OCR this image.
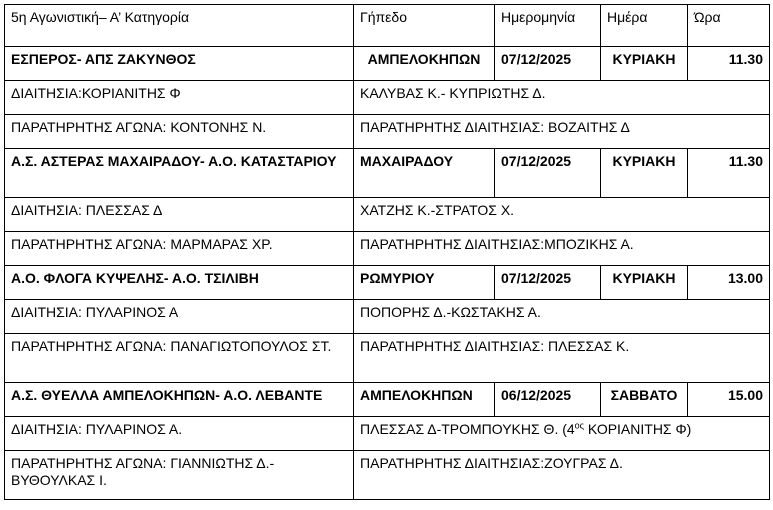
5η Αγωνιστική– Α’ Κατηγορία	Γήπεδο	Ημερομηνία	Ημέρα	Ώρα
ΕΣΠΕΡΟΣ- ΑΠΣ ΖΑΚΥΝΘΟΣ	ΑΜΠΕΛΟΚΗΠΩΝ	07/12/2025	ΚΥΡΙΑΚΗ	11.30
ΔΙΑΙΤΗΣΙΑ:ΚΟΡΙΑΝΙΤΗΣ Φ	ΚΑΛΥΒΑΣ Κ.- ΚΥΠΡΙΩΤΗΣ Δ.			
ΠΑΡΑΤΗΡΗΤΗΣ ΑΓΩΝΑ: ΚΟΝΤΟΝΗΣ Ν.	ΠΑΡΑΤΗΡΗΤΗΣ ΔΙΑΙΤΗΣΙΑΣ: ΒΟΖΑΙΤΗΣ Δ			
Α.Σ. ΑΣΤΕΡΑΣ ΜΑΧΑΙΡΑΔΟΥ- Α.Ο. ΚΑΤΑΣΤΑΡΙΟΥ	ΜΑΧΑΙΡΑΔΟΥ	07/12/2025	ΚΥΡΙΑΚΗ	11.30
ΔΙΑΙΤΗΣΙΑ: ΠΛΕΣΣΑΣ Δ	ΧΑΤΖΗΣ Κ.-ΣΤΡΑΤΟΣ Χ.			
ΠΑΡΑΤΗΡΗΤΗΣ ΑΓΩΝΑ: ΜΑΡΜΑΡΑΣ ΧΡ.	ΠΑΡΑΤΗΡΗΤΗΣ ΔΙΑΙΤΗΣΙΑΣ:ΜΠΟΖΙΚΗΣ Α.			
Α.Ο. ΦΛΟΓΑ ΚΥΨΕΛΗΣ- Α.Ο. ΤΣΙΛΙΒΗ	ΡΩΜΥΡΙΟΥ	07/12/2025	ΚΥΡΙΑΚΗ	13.00
ΔΙΑΙΤΗΣΙΑ: ΠΥΛΑΡΙΝΟΣ Α	ΠΟΠΟΡΗΣ Δ.-ΚΩΣΤΑΚΗΣ Α.			
ΠΑΡΑΤΗΡΗΤΗΣ ΑΓΩΝΑ: ΠΑΝΑΓΙΩΤΟΠΟΥΛΟΣ ΣΤ.	ΠΑΡΑΤΗΡΗΤΗΣ ΔΙΑΙΤΗΣΙΑΣ: ΠΛΕΣΣΑΣ Κ.			
Α.Σ. ΘΥΕΛΛΑ ΑΜΠΕΛΟΚΗΠΩΝ- Α.Ο. ΛΕΒΑΝΤΕ	ΑΜΠΕΛΟΚΗΠΩΝ	06/12/2025	ΣΑΒΒΑΤΟ	15.00
ΔΙΑΙΤΗΣΙΑ: ΠΥΛΑΡΙΝΟΣ Α.	ΠΛΕΣΣΑΣ Δ-ΤΡΟΜΠΟΥΚΗΣ Θ. ($4^{o\varsigma}$ ΚΟΡΙΑΝΙΤΗΣ Φ)			
ΠΑΡΑΤΗΡΗΤΗΣ ΑΓΩΝΑ: ΓΙΑΝΝΙΩΤΗΣ Δ.-ΒΥΘΟΥΛΚΑΣ Ι.	ΠΑΡΑΤΗΡΗΤΗΣ ΔΙΑΙΤΗΣΙΑΣ:ΖΟΥΓΡΑΣ Δ.			
